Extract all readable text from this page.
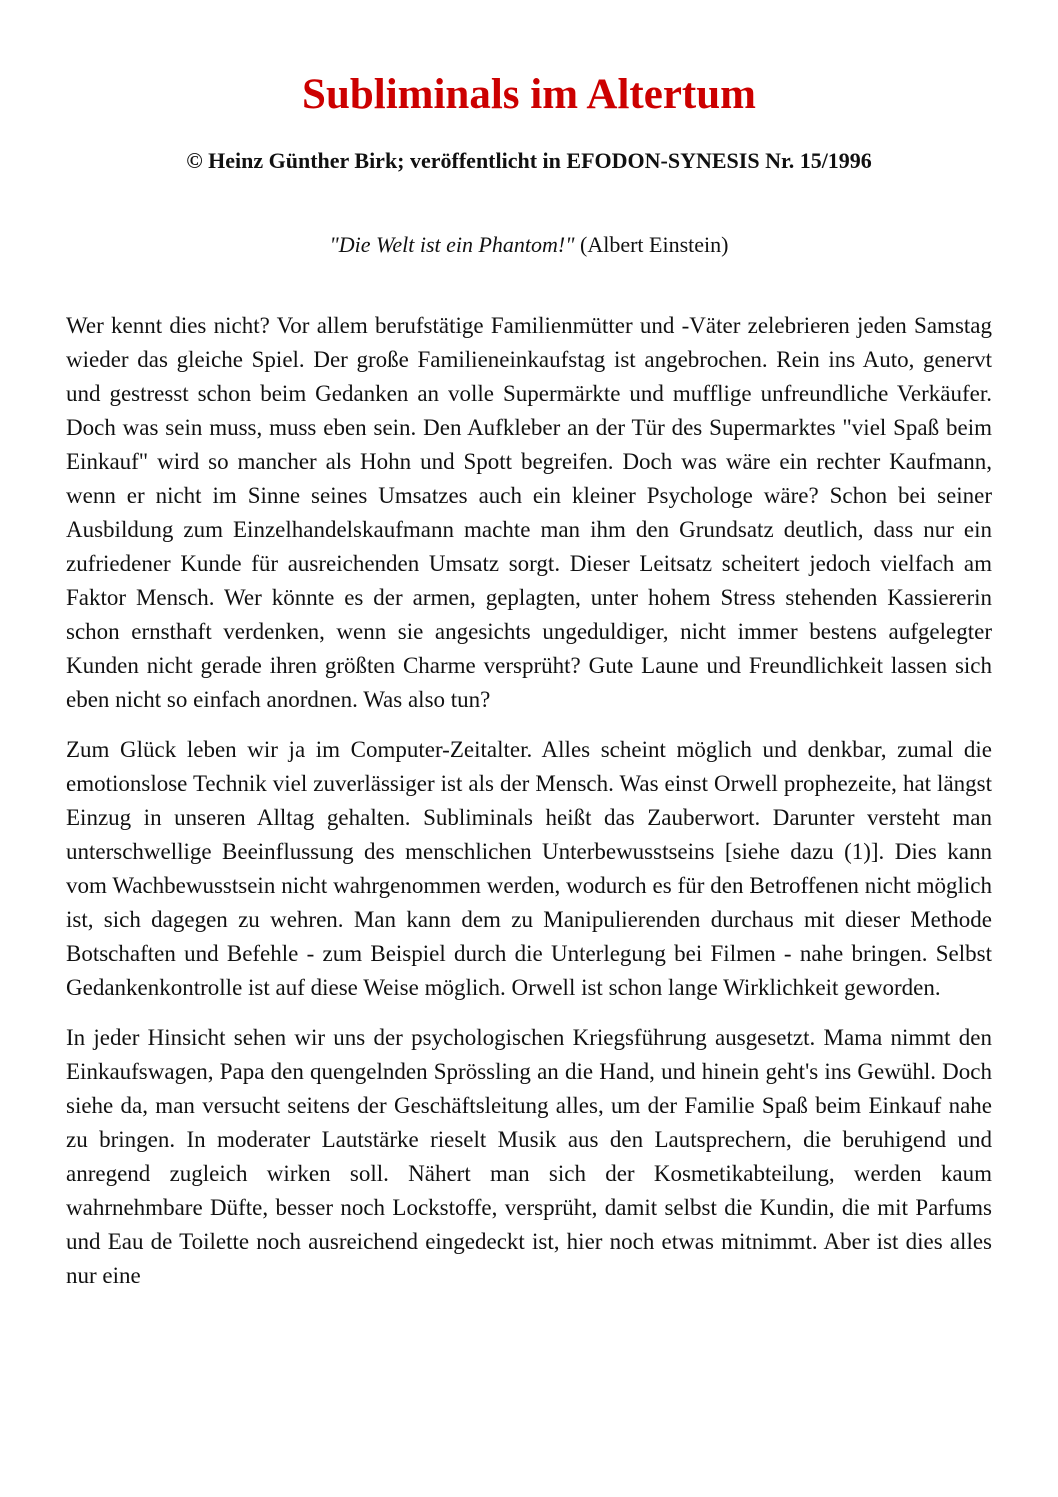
Subliminals im Altertum

© Heinz Günther Birk; veröffentlicht in EFODON-SYNESIS Nr. 15/1996

"Die Welt ist ein Phantom!" (Albert Einstein)

Wer kennt dies nicht? Vor allem berufstätige Familienmütter und -Väter zelebrieren jeden Samstag wieder das gleiche Spiel. Der große Familieneinkaufstag ist angebrochen. Rein ins Auto, genervt und gestresst schon beim Gedanken an volle Supermärkte und mufflige unfreundliche Verkäufer. Doch was sein muss, muss eben sein. Den Aufkleber an der Tür des Supermarktes "viel Spaß beim Einkauf" wird so mancher als Hohn und Spott begreifen. Doch was wäre ein rechter Kaufmann, wenn er nicht im Sinne seines Umsatzes auch ein kleiner Psychologe wäre? Schon bei seiner Ausbildung zum Einzelhandelskaufmann machte man ihm den Grundsatz deutlich, dass nur ein zufriedener Kunde für ausreichenden Umsatz sorgt. Dieser Leitsatz scheitert jedoch vielfach am Faktor Mensch. Wer könnte es der armen, geplagten, unter hohem Stress stehenden Kassiererin schon ernsthaft verdenken, wenn sie angesichts ungeduldiger, nicht immer bestens aufgelegter Kunden nicht gerade ihren größten Charme versprüht? Gute Laune und Freundlichkeit lassen sich eben nicht so einfach anordnen. Was also tun?

Zum Glück leben wir ja im Computer-Zeitalter. Alles scheint möglich und denkbar, zumal die emotionslose Technik viel zuverlässiger ist als der Mensch. Was einst Orwell prophezeite, hat längst Einzug in unseren Alltag gehalten. Subliminals heißt das Zauberwort. Darunter versteht man unterschwellige Beeinflussung des menschlichen Unterbewusstseins [siehe dazu (1)]. Dies kann vom Wachbewusstsein nicht wahrgenommen werden, wodurch es für den Betroffenen nicht möglich ist, sich dagegen zu wehren. Man kann dem zu Manipulierenden durchaus mit dieser Methode Botschaften und Befehle - zum Beispiel durch die Unterlegung bei Filmen - nahe bringen. Selbst Gedankenkontrolle ist auf diese Weise möglich. Orwell ist schon lange Wirklichkeit geworden.

In jeder Hinsicht sehen wir uns der psychologischen Kriegsführung ausgesetzt. Mama nimmt den Einkaufswagen, Papa den quengelnden Sprössling an die Hand, und hinein geht's ins Gewühl. Doch siehe da, man versucht seitens der Geschäftsleitung alles, um der Familie Spaß beim Einkauf nahe zu bringen. In moderater Lautstärke rieselt Musik aus den Lautsprechern, die beruhigend und anregend zugleich wirken soll. Nähert man sich der Kosmetikabteilung, werden kaum wahrnehmbare Düfte, besser noch Lockstoffe, versprüht, damit selbst die Kundin, die mit Parfums und Eau de Toilette noch ausreichend eingedeckt ist, hier noch etwas mitnimmt. Aber ist dies alles nur eine
